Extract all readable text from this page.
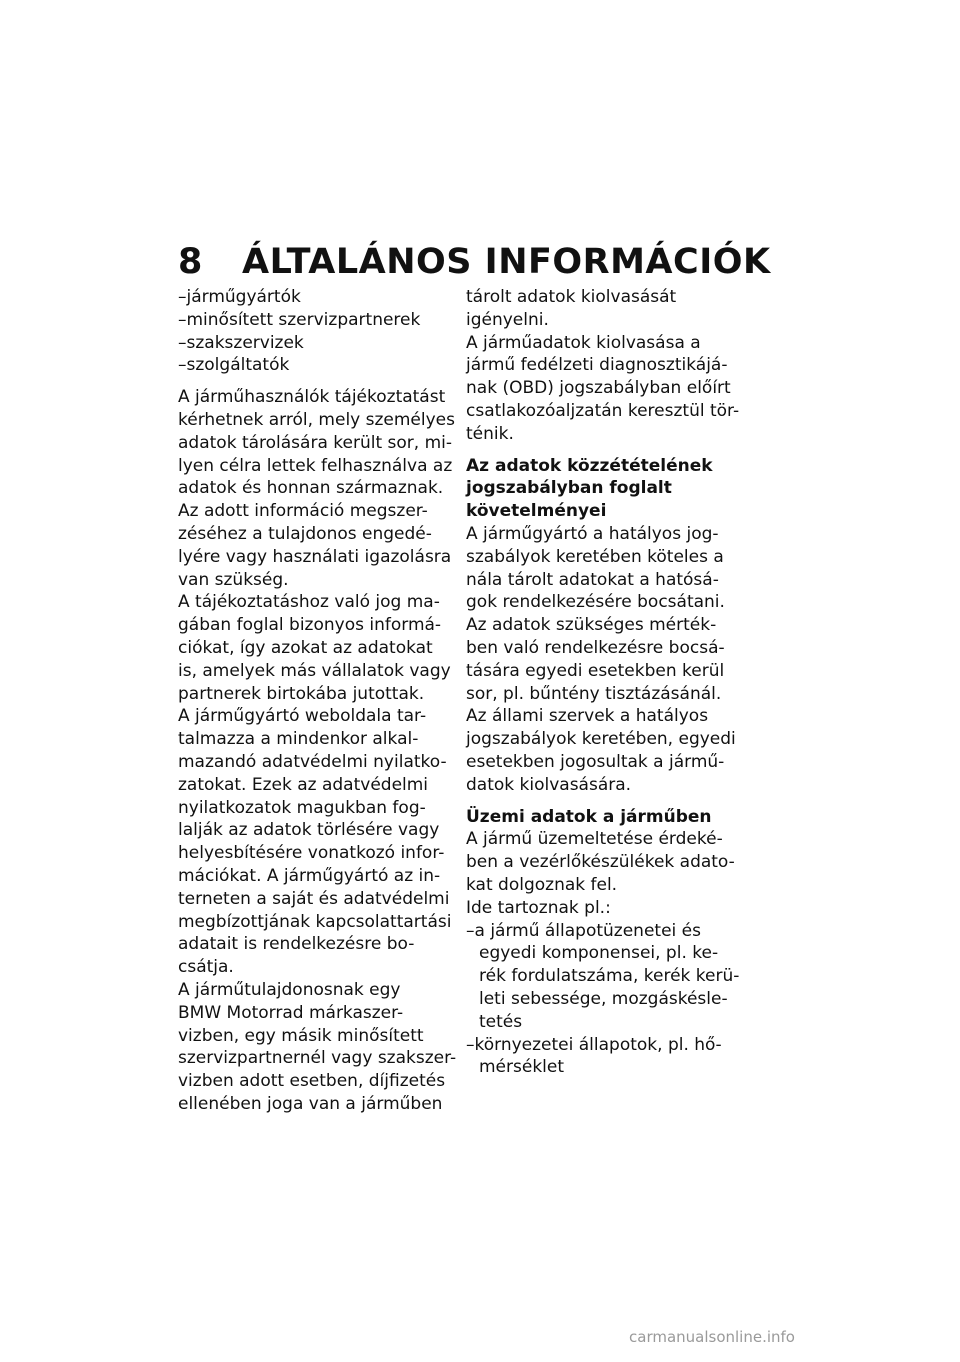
8 ÁLTALÁNOS INFORMÁCIÓK
–járműgyártók
–minősített szervizpartnerek
–szakszervizek
–szolgáltatók
A járműhasználók tájékoztatást
kérhetnek arról, mely személyes
adatok tárolására került sor, mi-
lyen célra lettek felhasználva az
adatok és honnan származnak.
Az adott információ megszer-
zéséhez a tulajdonos engedé-
lyére vagy használati igazolásra
van szükség.
A tájékoztatáshoz való jog ma-
gában foglal bizonyos informá-
ciókat, így azokat az adatokat
is, amelyek más vállalatok vagy
partnerek birtokába jutottak.
A járműgyártó weboldala tar-
talmazza a mindenkor alkal-
mazandó adatvédelmi nyilatko-
zatokat. Ezek az adatvédelmi
nyilatkozatok magukban fog-
lalják az adatok törlésére vagy
helyesbítésére vonatkozó infor-
mációkat. A járműgyártó az in-
terneten a saját és adatvédelmi
megbízottjának kapcsolattartási
adatait is rendelkezésre bo-
csátja.
A járműtulajdonosnak egy
BMW Motorrad márkaszer-
vizben, egy másik minősített
szervizpartnernél vagy szakszer-
vizben adott esetben, díjfizetés
ellenében joga van a járműben
tárolt adatok kiolvasását
igényelni.
A járműadatok kiolvasása a
jármű fedélzeti diagnosztikájá-
nak (OBD) jogszabályban előírt
csatlakozóaljzatán keresztül tör-
ténik.
Az adatok közzétételének
jogszabályban foglalt
követelményei
A járműgyártó a hatályos jog-
szabályok keretében köteles a
nála tárolt adatokat a hatósá-
gok rendelkezésére bocsátani.
Az adatok szükséges mérték-
ben való rendelkezésre bocsá-
tására egyedi esetekben kerül
sor, pl. bűntény tisztázásánál.
Az állami szervek a hatályos
jogszabályok keretében, egyedi
esetekben jogosultak a jármű-
datok kiolvasására.
Üzemi adatok a járműben
A jármű üzemeltetése érdeké-
ben a vezérlőkészülékek adato-
kat dolgoznak fel.
Ide tartoznak pl.:
–a jármű állapotüzenetei és
egyedi komponensei, pl. ke-
rék fordulatszáma, kerék kerü-
leti sebessége, mozgáskésle-
tetés
–környezetei állapotok, pl. hő-
mérséklet
carmanualsonline.info
